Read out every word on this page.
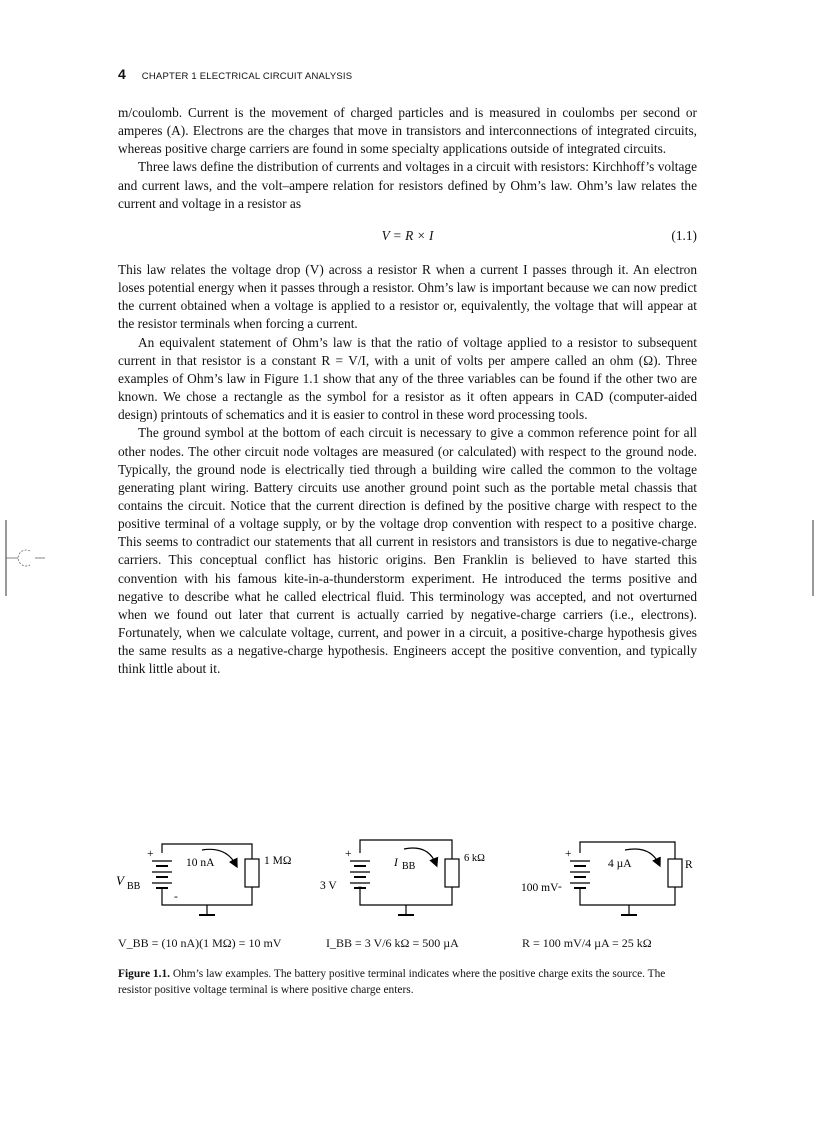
4 CHAPTER 1 ELECTRICAL CIRCUIT ANALYSIS

m/coulomb. Current is the movement of charged particles and is measured in coulombs per second or amperes (A). Electrons are the charges that move in transistors and interconnections of integrated circuits, whereas positive charge carriers are found in some specialty applications outside of integrated circuits.

Three laws define the distribution of currents and voltages in a circuit with resistors: Kirchhoff’s voltage and current laws, and the volt–ampere relation for resistors defined by Ohm’s law. Ohm’s law relates the current and voltage in a resistor as

V = R × I	(1.1)

This law relates the voltage drop (V) across a resistor R when a current I passes through it. An electron loses potential energy when it passes through a resistor. Ohm’s law is important because we can now predict the current obtained when a voltage is applied to a resistor or, equivalently, the voltage that will appear at the resistor terminals when forcing a current.

An equivalent statement of Ohm’s law is that the ratio of voltage applied to a resistor to subsequent current in that resistor is a constant R = V/I, with a unit of volts per ampere called an ohm (Ω). Three examples of Ohm’s law in Figure 1.1 show that any of the three variables can be found if the other two are known. We chose a rectangle as the symbol for a resistor as it often appears in CAD (computer-aided design) printouts of schematics and it is easier to control in these word processing tools.

The ground symbol at the bottom of each circuit is necessary to give a common reference point for all other nodes. The other circuit node voltages are measured (or calculated) with respect to the ground node. Typically, the ground node is electrically tied through a building wire called the common to the voltage generating plant wiring. Battery circuits use another ground point such as the portable metal chassis that contains the circuit. Notice that the current direction is defined by the positive charge with respect to the positive terminal of a voltage supply, or by the voltage drop convention with respect to a positive charge. This seems to contradict our statements that all current in resistors and transistors is due to negative-charge carriers. This conceptual conflict has historic origins. Ben Franklin is believed to have started this convention with his famous kite-in-a-thunderstorm experiment. He introduced the terms positive and negative to describe what he called electrical fluid. This terminology was accepted, and not overturned when we found out later that current is actually carried by negative-charge carriers (i.e., electrons). Fortunately, when we calculate voltage, current, and power in a circuit, a positive-charge hypothesis gives the same results as a negative-charge hypothesis. Engineers accept the positive convention, and typically think little about it.

+
-
V BB
10 nA	1 MΩ
+
-
3 V
I BB
6 kΩ	+
-
100 mV
4 µA	R
V_BB = (10 nA)(1 MΩ) = 10 mV	I_BB = 3 V/6 kΩ = 500 µA	R = 100 mV/4 µA = 25 kΩ
Figure 1.1. Ohm’s law examples. The battery positive terminal indicates where the positive charge exits the source. The resistor positive voltage terminal is where positive charge enters.
